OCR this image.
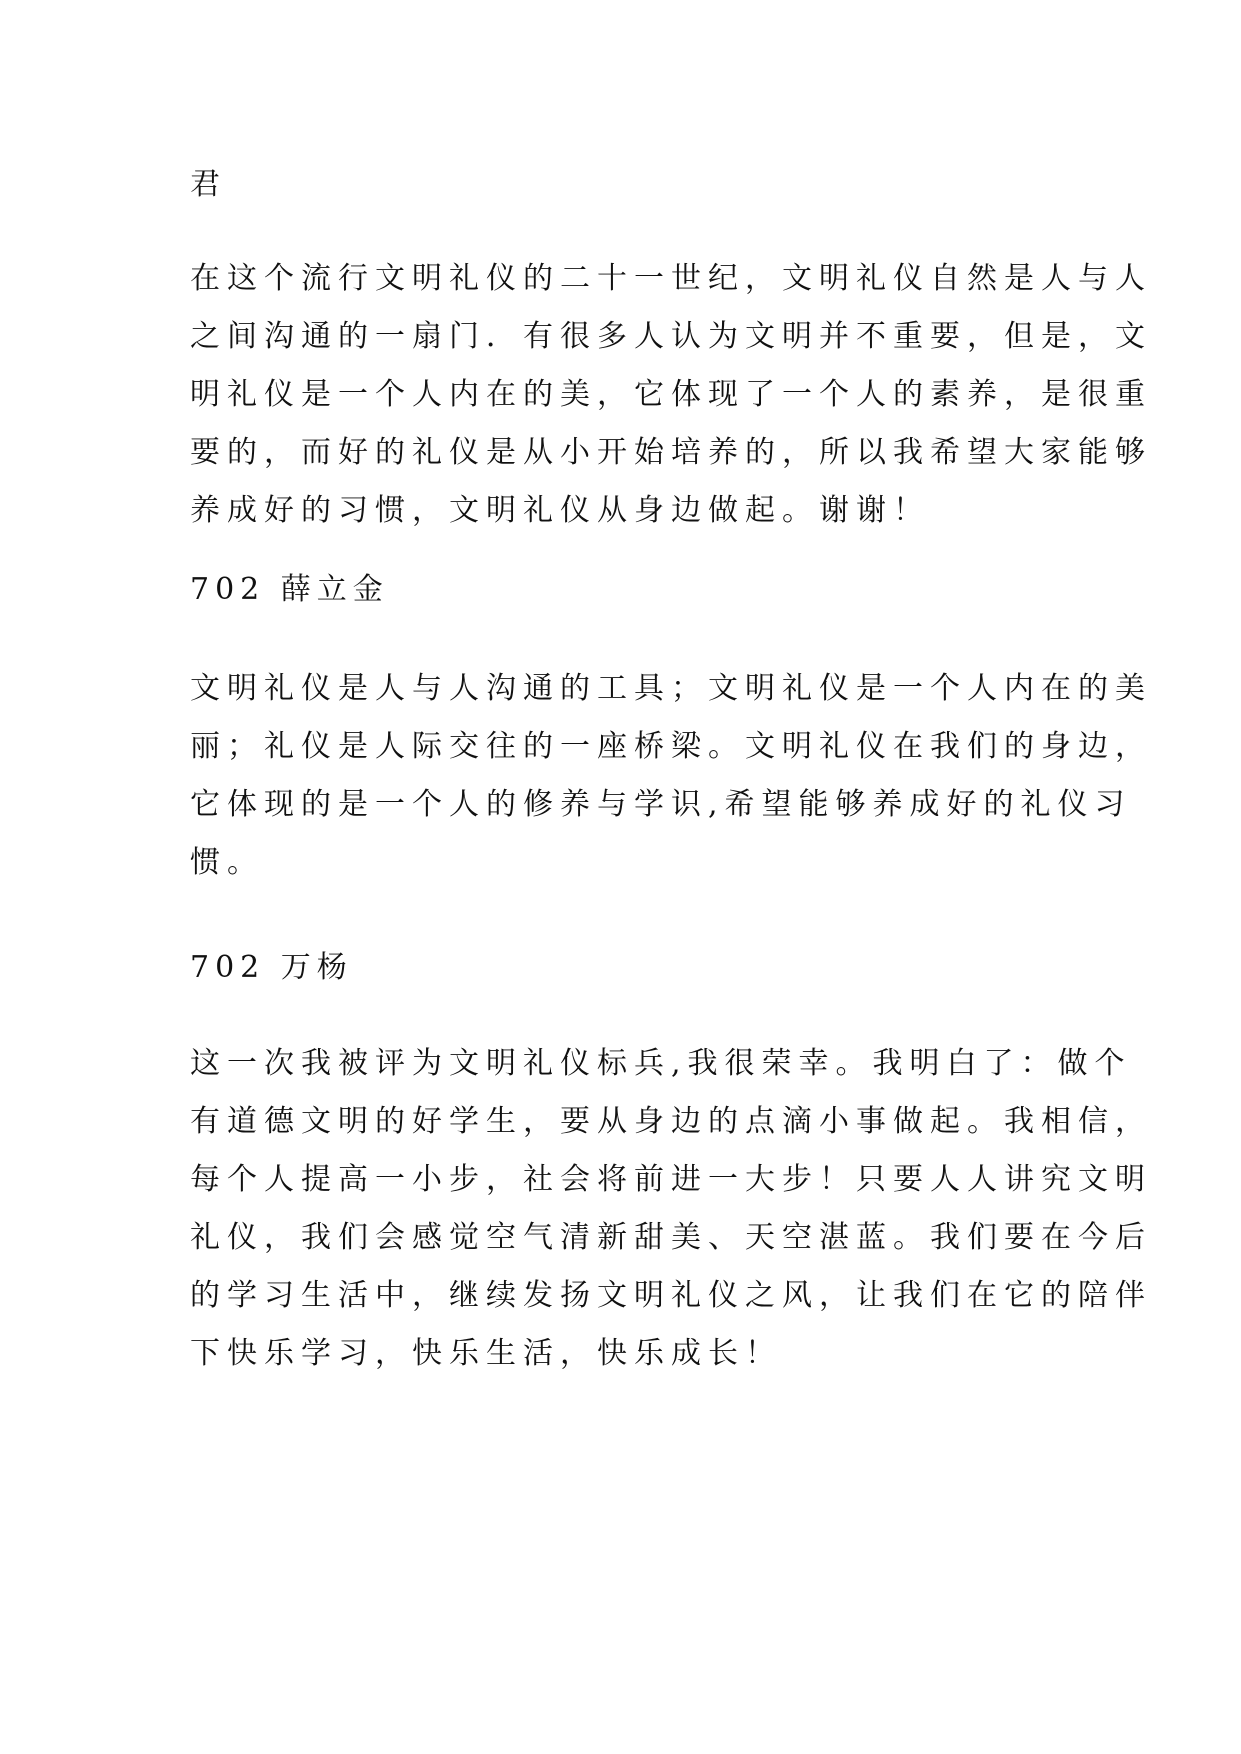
君

在这个流行文明礼仪的二十一世纪，文明礼仪自然是人与人
之间沟通的一扇门．有很多人认为文明并不重要，但是，文
明礼仪是一个人内在的美，它体现了一个人的素养，是很重
要的，而好的礼仪是从小开始培养的，所以我希望大家能够
养成好的习惯，文明礼仪从身边做起。谢谢！

702 薛立金

文明礼仪是人与人沟通的工具；文明礼仪是一个人内在的美
丽；礼仪是人际交往的一座桥梁。文明礼仪在我们的身边，
它体现的是一个人的修养与学识,希望能够养成好的礼仪习
惯。

702 万杨

这一次我被评为文明礼仪标兵,我很荣幸。我明白了：做个
有道德文明的好学生，要从身边的点滴小事做起。我相信，
每个人提高一小步，社会将前进一大步！只要人人讲究文明
礼仪，我们会感觉空气清新甜美、天空湛蓝。我们要在今后
的学习生活中，继续发扬文明礼仪之风，让我们在它的陪伴
下快乐学习，快乐生活，快乐成长！
